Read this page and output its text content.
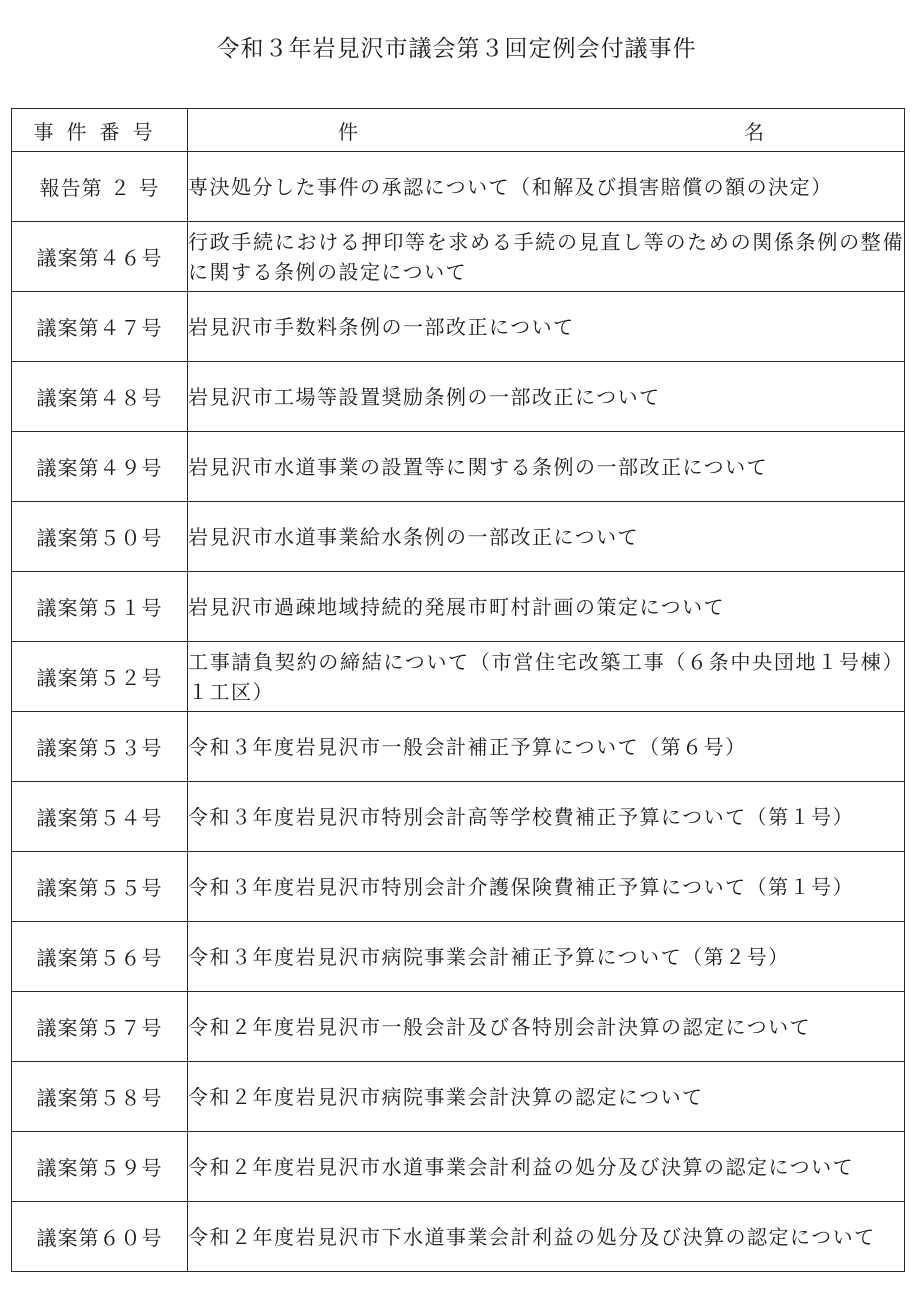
令和３年岩見沢市議会第３回定例会付議事件
事件番号	件 名

報告第 ２ 号	専決処分した事件の承認について（和解及び損害賠償の額の決定）
議案第４６号	行政手続における押印等を求める手続の見直し等のための関係条例の整備に関する条例の設定について
議案第４７号	岩見沢市手数料条例の一部改正について
議案第４８号	岩見沢市工場等設置奨励条例の一部改正について
議案第４９号	岩見沢市水道事業の設置等に関する条例の一部改正について
議案第５０号	岩見沢市水道事業給水条例の一部改正について
議案第５１号	岩見沢市過疎地域持続的発展市町村計画の策定について
議案第５２号	工事請負契約の締結について（市営住宅改築工事（６条中央団地１号棟）１工区）
議案第５３号	令和３年度岩見沢市一般会計補正予算について（第６号）
議案第５４号	令和３年度岩見沢市特別会計高等学校費補正予算について（第１号）
議案第５５号	令和３年度岩見沢市特別会計介護保険費補正予算について（第１号）
議案第５６号	令和３年度岩見沢市病院事業会計補正予算について（第２号）
議案第５７号	令和２年度岩見沢市一般会計及び各特別会計決算の認定について
議案第５８号	令和２年度岩見沢市病院事業会計決算の認定について
議案第５９号	令和２年度岩見沢市水道事業会計利益の処分及び決算の認定について
議案第６０号	令和２年度岩見沢市下水道事業会計利益の処分及び決算の認定について
